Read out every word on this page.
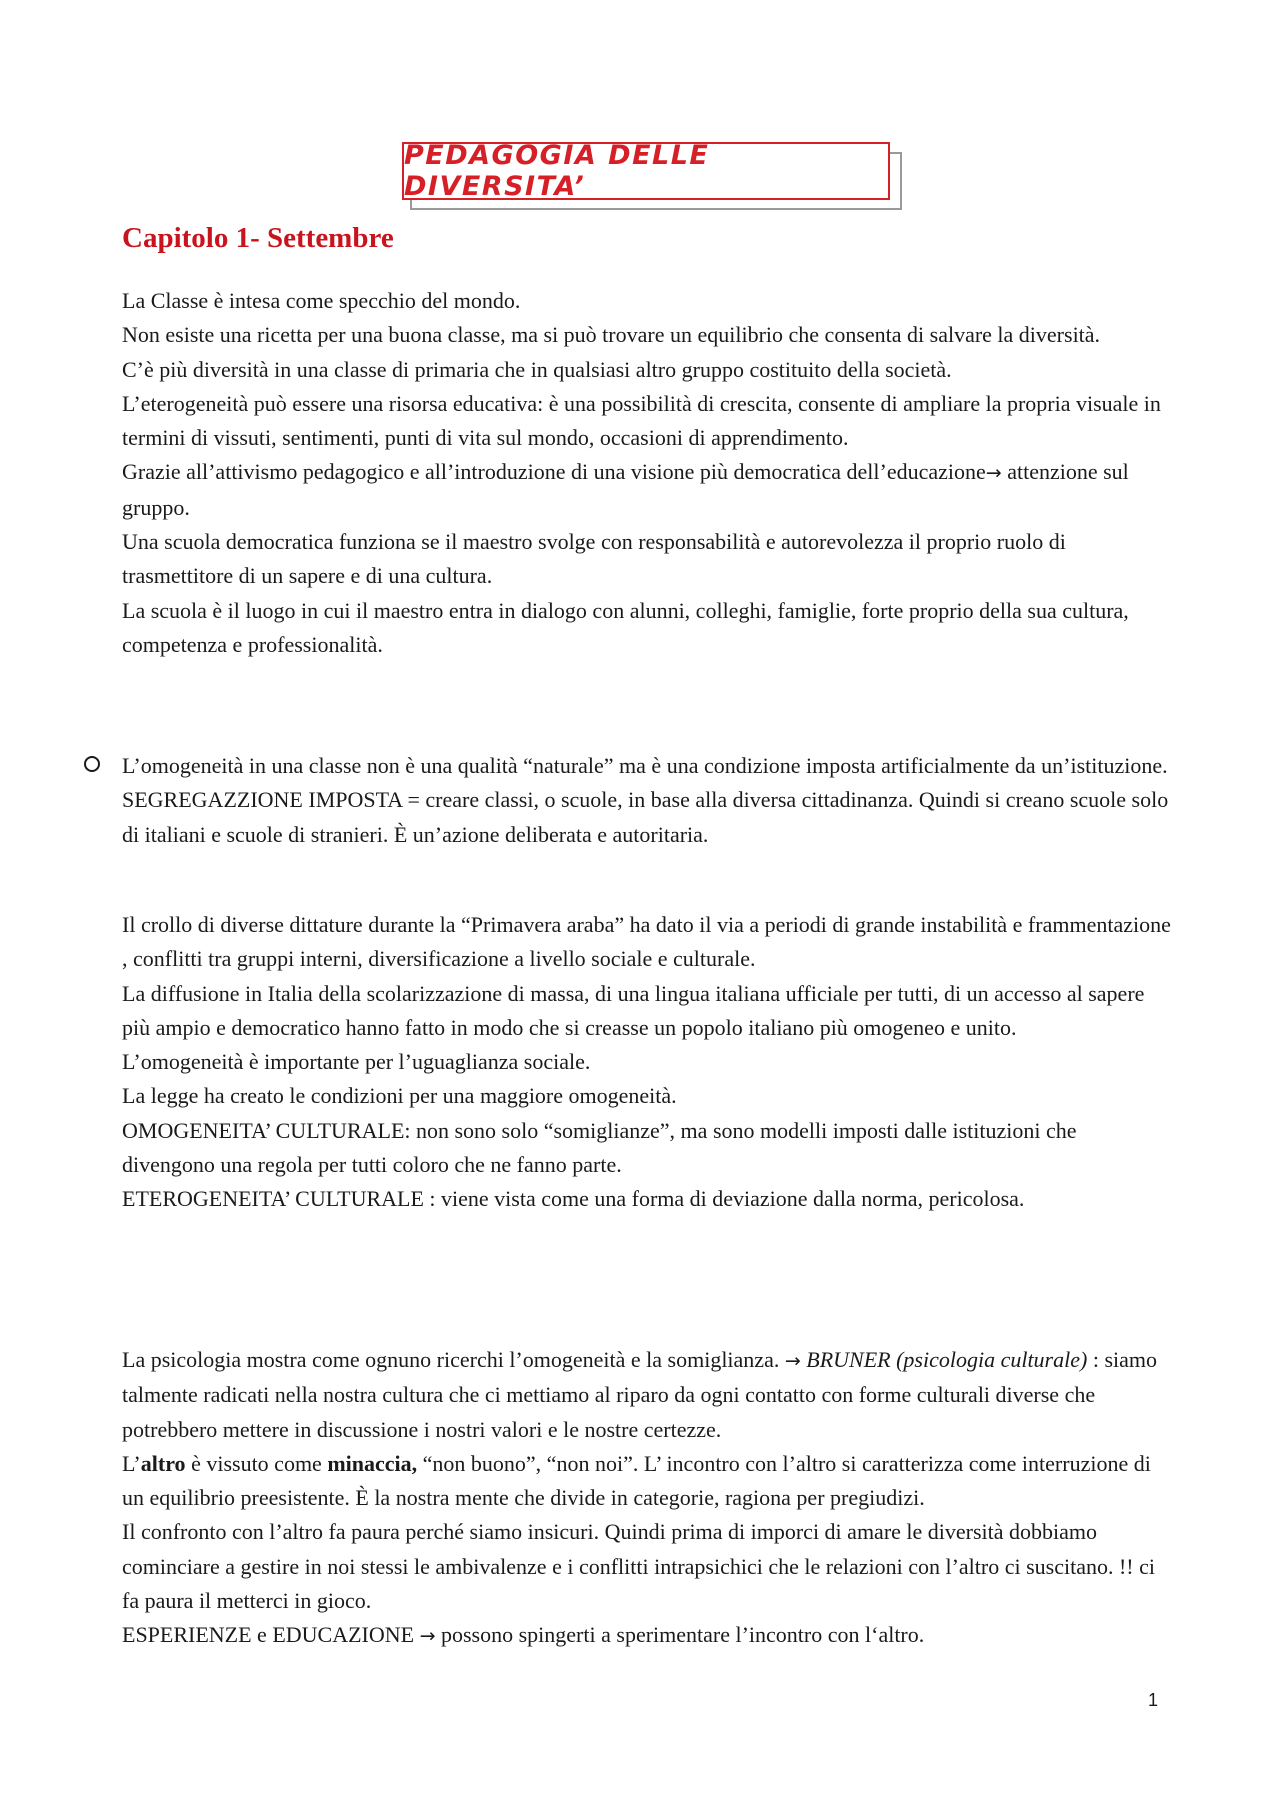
PEDAGOGIA DELLE DIVERSITA’
Capitolo 1- Settembre

La Classe è intesa come specchio del mondo.

Non esiste una ricetta per una buona classe, ma si può trovare un equilibrio che consenta di salvare la diversità.

C’è più diversità in una classe di primaria che in qualsiasi altro gruppo costituito della società.

L’eterogeneità può essere una risorsa educativa: è una possibilità di crescita, consente di ampliare la propria visuale in termini di vissuti, sentimenti, punti di vita sul mondo, occasioni di apprendimento.

Grazie all’attivismo pedagogico e all’introduzione di una visione più democratica dell’educazione→ attenzione sul gruppo.

Una scuola democratica funziona se il maestro svolge con responsabilità e autorevolezza il proprio ruolo di trasmettitore di un sapere e di una cultura.

La scuola è il luogo in cui il maestro entra in dialogo con alunni, colleghi, famiglie, forte proprio della sua cultura, competenza e professionalità.

L’omogeneità in una classe non è una qualità “naturale” ma è una condizione imposta artificialmente da un’istituzione.

SEGREGAZZIONE IMPOSTA = creare classi, o scuole, in base alla diversa cittadinanza. Quindi si creano scuole solo di italiani e scuole di stranieri. È un’azione deliberata e autoritaria.

Il crollo di diverse dittature durante la “Primavera araba” ha dato il via a periodi di grande instabilità e frammentazione , conflitti tra gruppi interni, diversificazione a livello sociale e culturale.

La diffusione in Italia della scolarizzazione di massa, di una lingua italiana ufficiale per tutti, di un accesso al sapere più ampio e democratico hanno fatto in modo che si creasse un popolo italiano più omogeneo e unito.

L’omogeneità è importante per l’uguaglianza sociale.

La legge ha creato le condizioni per una maggiore omogeneità.

OMOGENEITA’ CULTURALE: non sono solo “somiglianze”, ma sono modelli imposti dalle istituzioni che divengono una regola per tutti coloro che ne fanno parte.

ETEROGENEITA’ CULTURALE : viene vista come una forma di deviazione dalla norma, pericolosa.

La psicologia mostra come ognuno ricerchi l’omogeneità e la somiglianza. → BRUNER (psicologia culturale) : siamo talmente radicati nella nostra cultura che ci mettiamo al riparo da ogni contatto con forme culturali diverse che potrebbero mettere in discussione i nostri valori e le nostre certezze.

L’altro è vissuto come minaccia, “non buono”, “non noi”. L’ incontro con l’altro si caratterizza come interruzione di un equilibrio preesistente. È la nostra mente che divide in categorie, ragiona per pregiudizi.

Il confronto con l’altro fa paura perché siamo insicuri. Quindi prima di imporci di amare le diversità dobbiamo cominciare a gestire in noi stessi le ambivalenze e i conflitti intrapsichici che le relazioni con l’altro ci suscitano. !! ci fa paura il metterci in gioco.

ESPERIENZE e EDUCAZIONE → possono spingerti a sperimentare l’incontro con l‘altro.

1
